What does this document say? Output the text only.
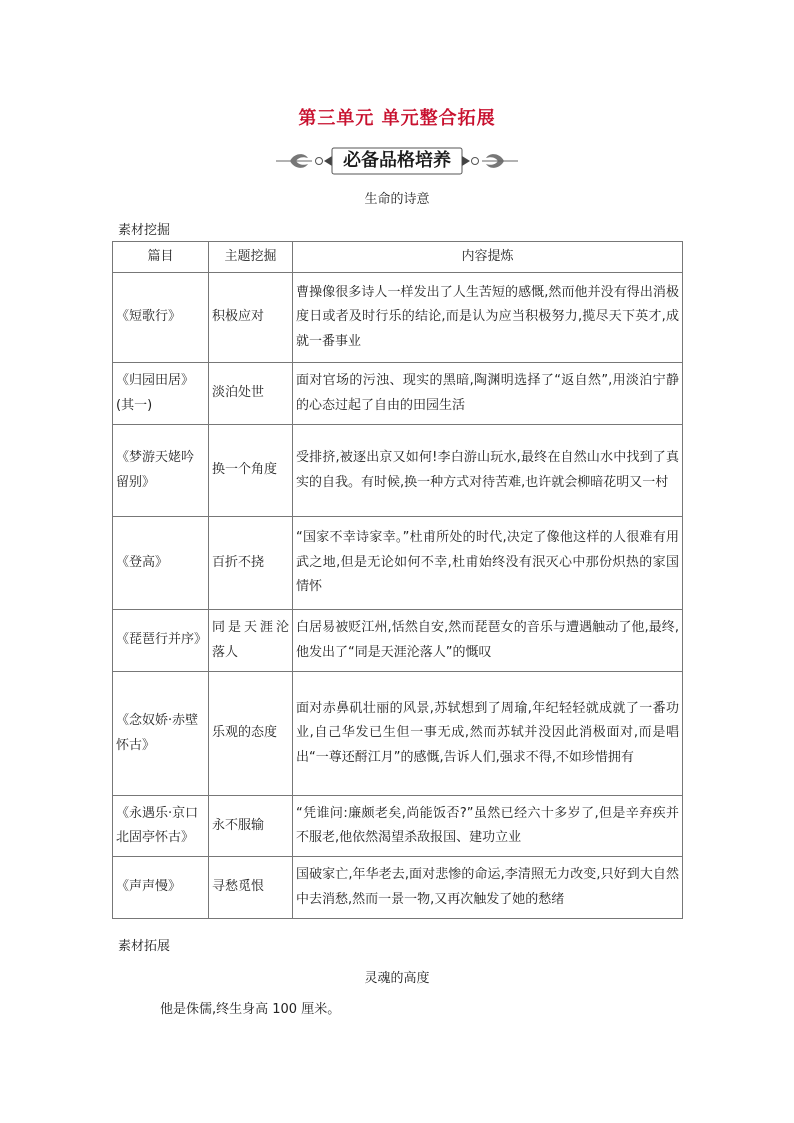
第三单元 单元整合拓展
必备品格培养
生命的诗意
素材挖掘
篇目	主题挖掘	内容提炼
《短歌行》	积极应对	曹操像很多诗人一样发出了人生苦短的感慨,然而他并没有得出消极度日或者及时行乐的结论,而是认为应当积极努力,揽尽天下英才,成就一番事业
《归园田居》(其一)	淡泊处世	面对官场的污浊、现实的黑暗,陶渊明选择了“返自然”,用淡泊宁静的心态过起了自由的田园生活
《梦游天姥吟留别》	换一个角度	受排挤,被逐出京又如何!李白游山玩水,最终在自然山水中找到了真实的自我。有时候,换一种方式对待苦难,也许就会柳暗花明又一村
《登高》	百折不挠	“国家不幸诗家幸。”杜甫所处的时代,决定了像他这样的人很难有用武之地,但是无论如何不幸,杜甫始终没有泯灭心中那份炽热的家国情怀
《琵琶行并序》	同是天涯沦落人	白居易被贬江州,恬然自安,然而琵琶女的音乐与遭遇触动了他,最终,他发出了“同是天涯沦落人”的慨叹
《念奴娇·赤壁怀古》	乐观的态度	面对赤鼻矶壮丽的风景,苏轼想到了周瑜,年纪轻轻就成就了一番功业,自己华发已生但一事无成,然而苏轼并没因此消极面对,而是唱出“一尊还酹江月”的感慨,告诉人们,强求不得,不如珍惜拥有
《永遇乐·京口北固亭怀古》	永不服输	“凭谁问:廉颇老矣,尚能饭否?”虽然已经六十多岁了,但是辛弃疾并不服老,他依然渴望杀敌报国、建功立业
《声声慢》	寻愁觅恨	国破家亡,年华老去,面对悲惨的命运,李清照无力改变,只好到大自然中去消愁,然而一景一物,又再次触发了她的愁绪
素材拓展
灵魂的高度
他是侏儒,终生身高 100 厘米。
